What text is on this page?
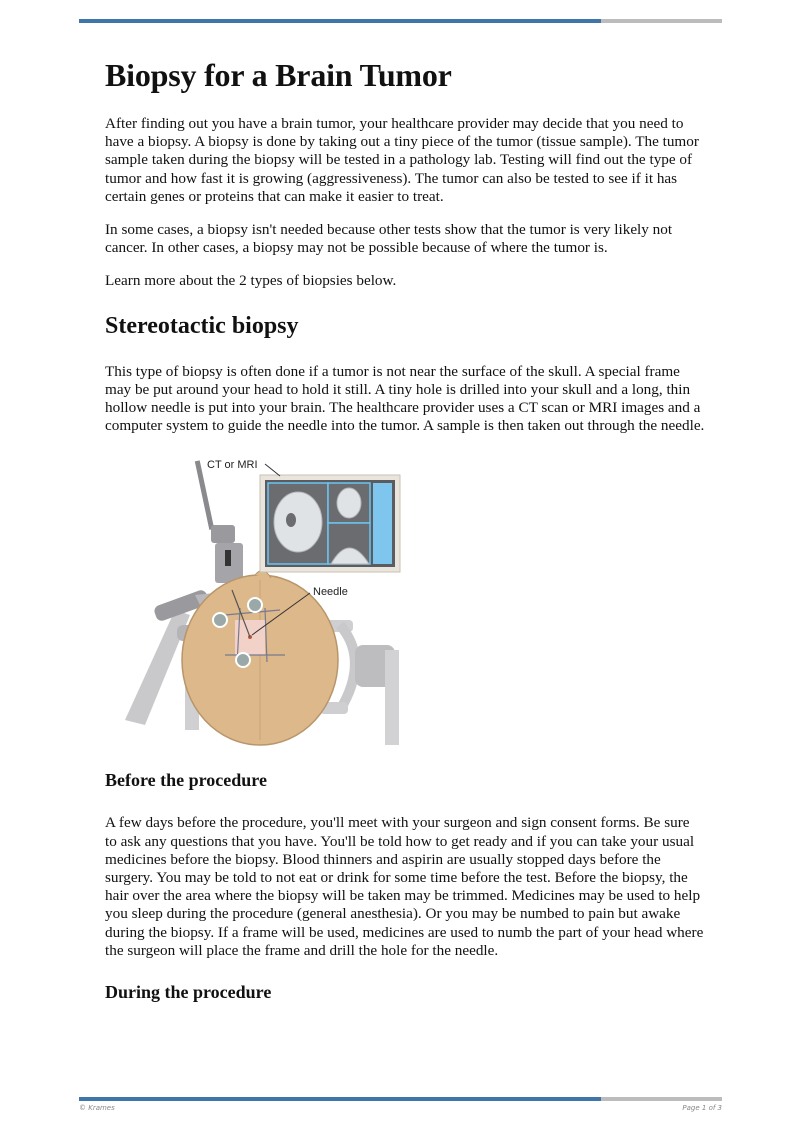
Biopsy for a Brain Tumor

After finding out you have a brain tumor, your healthcare provider may decide that you need to have a biopsy. A biopsy is done by taking out a tiny piece of the tumor (tissue sample). The tumor sample taken during the biopsy will be tested in a pathology lab. Testing will find out the type of tumor and how fast it is growing (aggressiveness). The tumor can also be tested to see if it has certain genes or proteins that can make it easier to treat.

In some cases, a biopsy isn't needed because other tests show that the tumor is very likely not cancer. In other cases, a biopsy may not be possible because of where the tumor is.

Learn more about the 2 types of biopsies below.

Stereotactic biopsy

This type of biopsy is often done if a tumor is not near the surface of the skull. A special frame may be put around your head to hold it still. A tiny hole is drilled into your skull and a long, thin hollow needle is put into your brain. The healthcare provider uses a CT scan or MRI images and a computer system to guide the needle into the tumor. A sample is then taken out through the needle.

CT or MRI
Needle
Before the procedure

A few days before the procedure, you'll meet with your surgeon and sign consent forms. Be sure to ask any questions that you have. You'll be told how to get ready and if you can take your usual medicines before the biopsy. Blood thinners and aspirin are usually stopped days before the surgery. You may be told to not eat or drink for some time before the test. Before the biopsy, the hair over the area where the biopsy will be taken may be trimmed. Medicines may be used to help you sleep during the procedure (general anesthesia). Or you may be numbed to pain but awake during the biopsy. If a frame will be used, medicines are used to numb the part of your head where the surgeon will place the frame and drill the hole for the needle.

During the procedure
© Krames	Page 1 of 3
